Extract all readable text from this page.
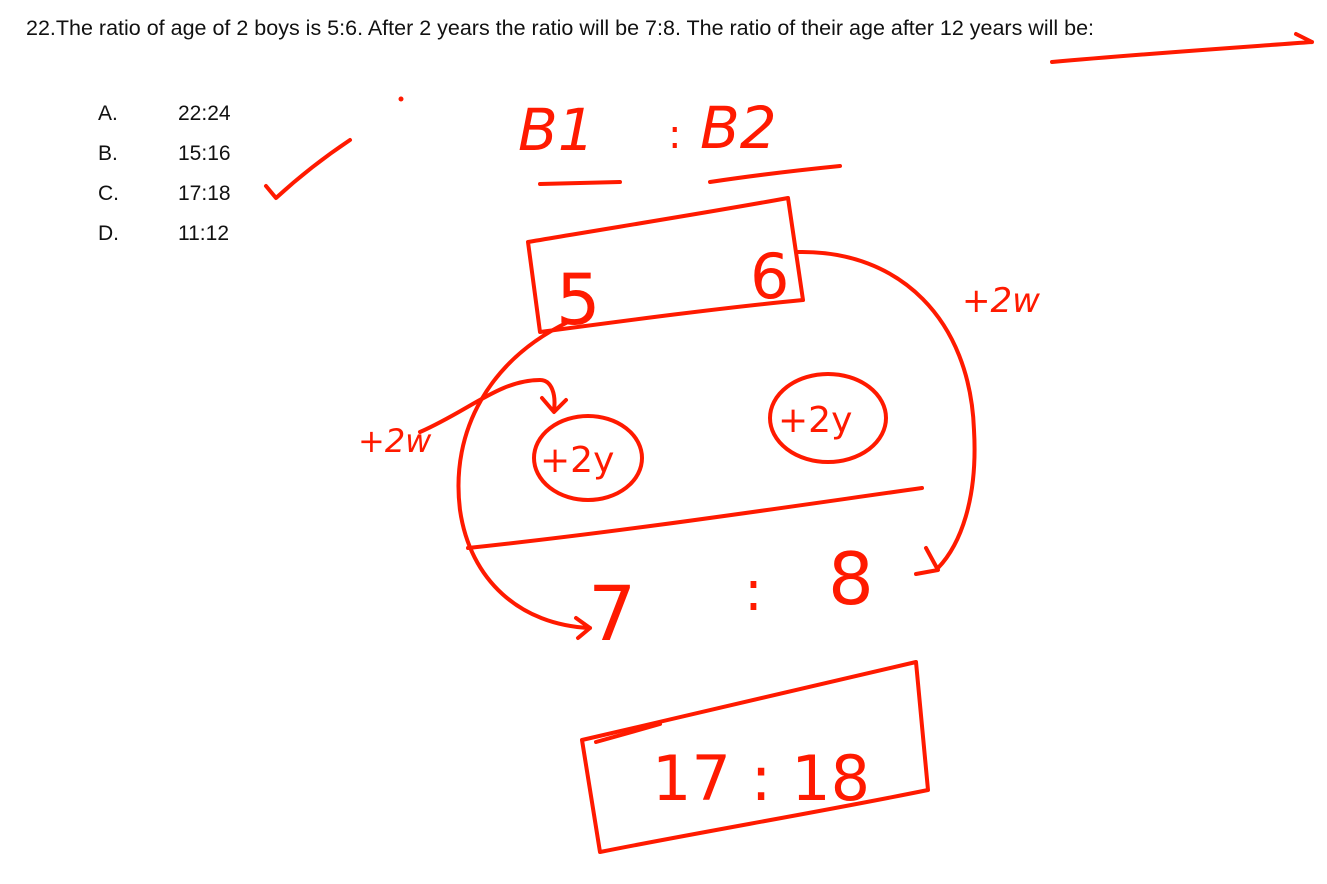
22.The ratio of age of 2 boys is 5:6. After 2 years the ratio will be 7:8. The ratio of their age after 12 years will be:
A.	22:24
B.	15:16
C.	17:18
D.	11:12
B1 : B2
5 6	+2w
+2w	+2y
+2y
7 : 8
17 : 18
